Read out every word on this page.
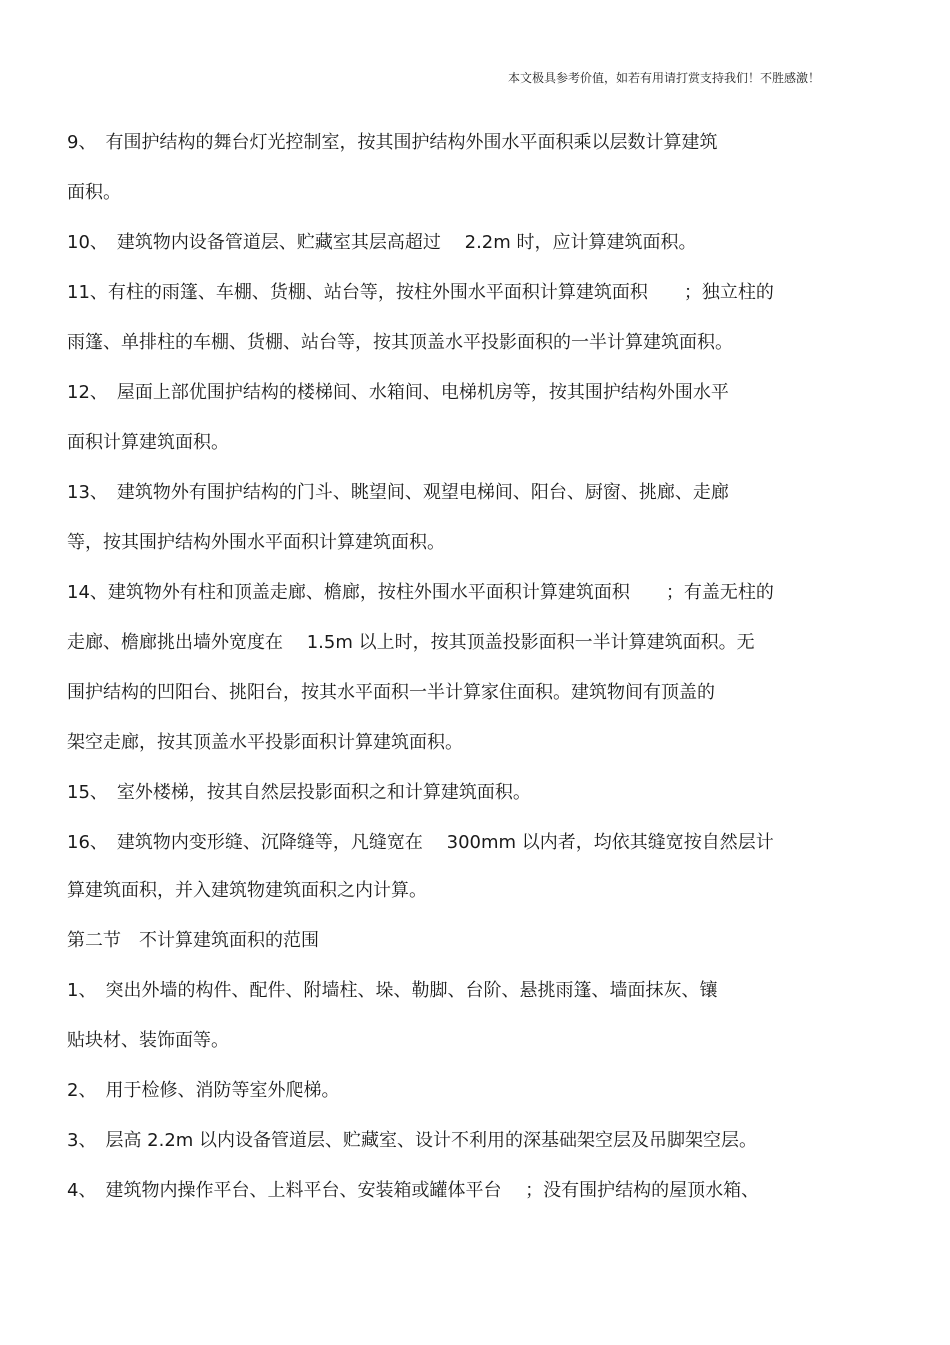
本文极具参考价值，如若有用请打赏支持我们！不胜感激！
9、　有围护结构的舞台灯光控制室，按其围护结构外围水平面积乘以层数计算建筑
面积。
10、　建筑物内设备管道层、贮藏室其层高超过　 2.2m 时，应计算建筑面积。
11、有柱的雨篷、车棚、货棚、站台等，按柱外围水平面积计算建筑面积　　；独立柱的
雨篷、单排柱的车棚、货棚、站台等，按其顶盖水平投影面积的一半计算建筑面积。
12、　屋面上部优围护结构的楼梯间、水箱间、电梯机房等，按其围护结构外围水平
面积计算建筑面积。
13、　建筑物外有围护结构的门斗、眺望间、观望电梯间、阳台、厨窗、挑廊、走廊
等，按其围护结构外围水平面积计算建筑面积。
14、建筑物外有柱和顶盖走廊、檐廊，按柱外围水平面积计算建筑面积　　；有盖无柱的
走廊、檐廊挑出墙外宽度在　 1.5m 以上时，按其顶盖投影面积一半计算建筑面积。无
围护结构的凹阳台、挑阳台，按其水平面积一半计算家住面积。建筑物间有顶盖的
架空走廊，按其顶盖水平投影面积计算建筑面积。
15、　室外楼梯，按其自然层投影面积之和计算建筑面积。
16、　建筑物内变形缝、沉降缝等，凡缝宽在　 300mm 以内者，均依其缝宽按自然层计
算建筑面积，并入建筑物建筑面积之内计算。
第二节　不计算建筑面积的范围
1、　突出外墙的构件、配件、附墙柱、垛、勒脚、台阶、悬挑雨篷、墙面抹灰、镶
贴块材、装饰面等。
2、　用于检修、消防等室外爬梯。
3、　层高 2.2m 以内设备管道层、贮藏室、设计不利用的深基础架空层及吊脚架空层。
4、　建筑物内操作平台、上料平台、安装箱或罐体平台　 ；没有围护结构的屋顶水箱、
